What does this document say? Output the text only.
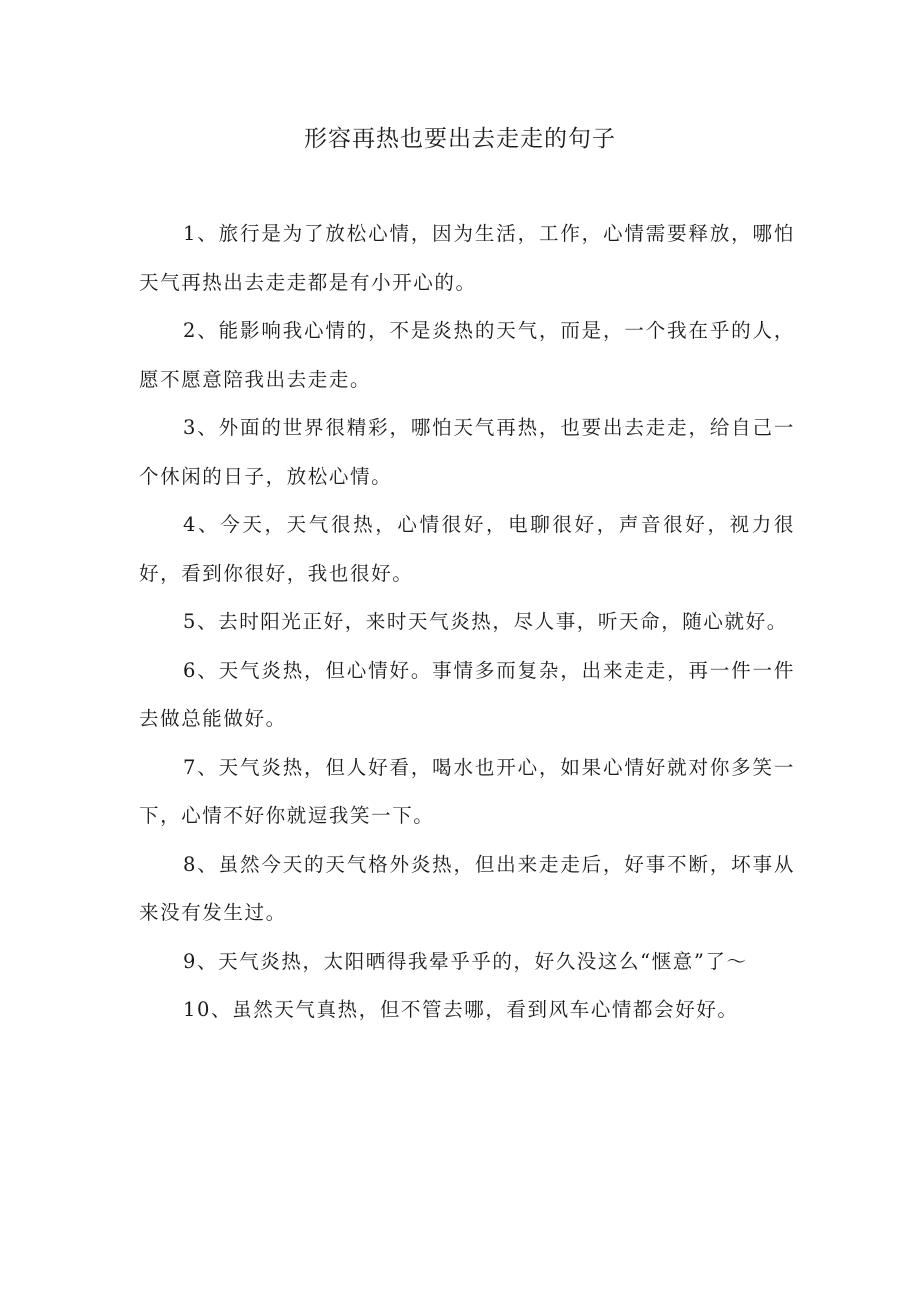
形容再热也要出去走走的句子

1、旅行是为了放松心情，因为生活，工作，心情需要释放，哪怕天气再热出去走走都是有小开心的。

2、能影响我心情的，不是炎热的天气，而是，一个我在乎的人，愿不愿意陪我出去走走。

3、外面的世界很精彩，哪怕天气再热，也要出去走走，给自己一个休闲的日子，放松心情。

4、今天，天气很热，心情很好，电聊很好，声音很好，视力很好，看到你很好，我也很好。

5、去时阳光正好，来时天气炎热，尽人事，听天命，随心就好。

6、天气炎热，但心情好。事情多而复杂，出来走走，再一件一件去做总能做好。

7、天气炎热，但人好看，喝水也开心，如果心情好就对你多笑一下，心情不好你就逗我笑一下。

8、虽然今天的天气格外炎热，但出来走走后，好事不断，坏事从来没有发生过。

9、天气炎热，太阳晒得我晕乎乎的，好久没这么“惬意”了～

10、虽然天气真热，但不管去哪，看到风车心情都会好好。
